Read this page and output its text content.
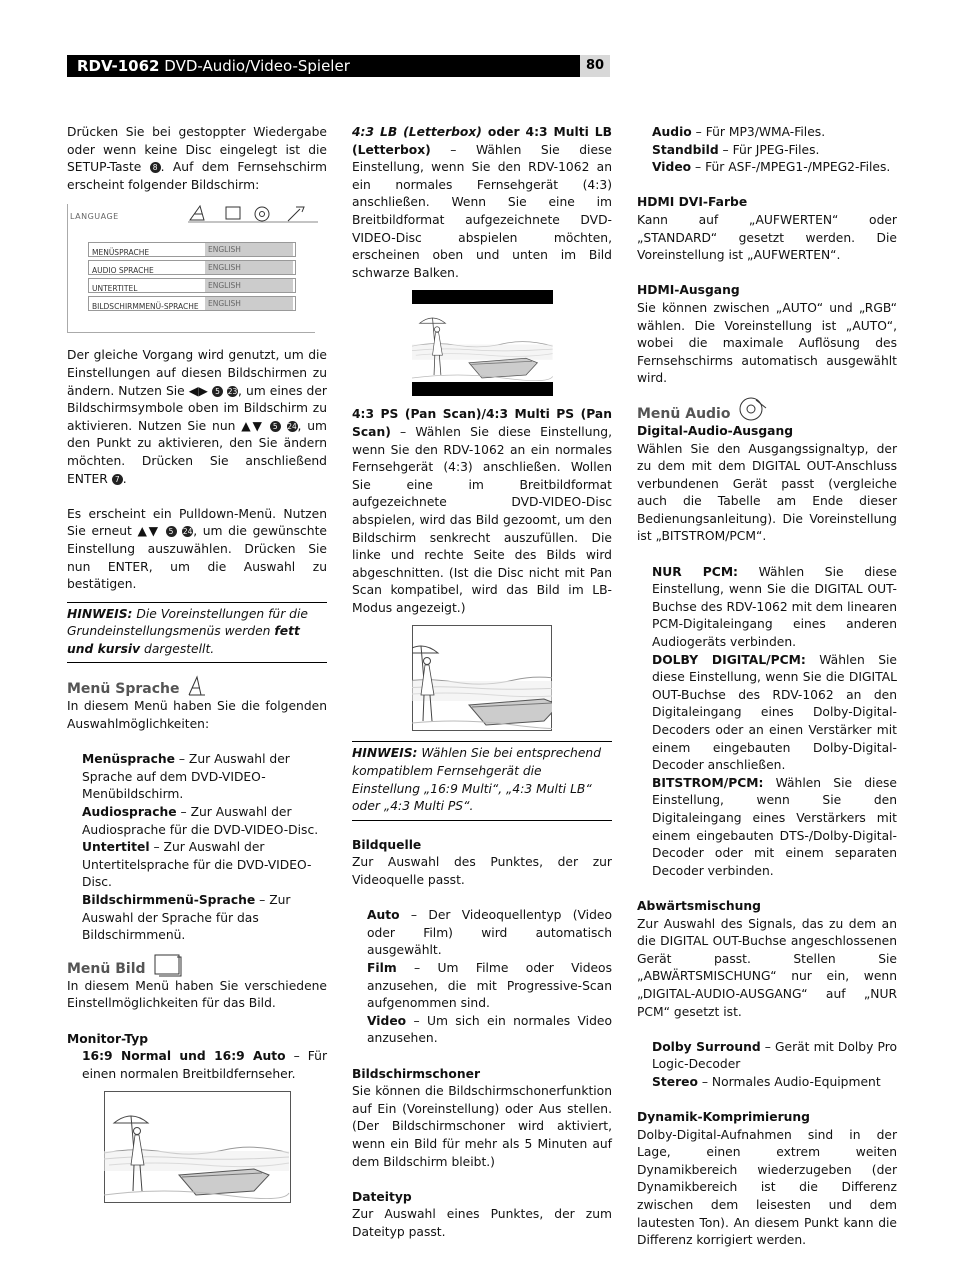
RDV-1062 DVD-Audio/Video-Spieler	80

Drücken Sie bei gestoppter Wiedergabe oder wenn keine Disc eingelegt ist die SETUP-Taste 8 . Auf dem Fernsehschirm erscheint folgender Bildschirm:

LANGUAGE
MENÜSPRACHE	ENGLISH
AUDIO SPRACHE	ENGLISH
UNTERTITEL	ENGLISH
BILDSCHIRMMENÜ-SPRACHE	ENGLISH

Der gleiche Vorgang wird genutzt, um die Einstellungen auf diesen Bildschirmen zu ändern. Nutzen Sie ◀▶ 5 23, um eines der Bildschirmsymbole oben im Bildschirm zu aktivieren. Nutzen Sie nun ▲▼ 5 24, um den Punkt zu aktivieren, den Sie ändern möchten. Drücken Sie anschließend ENTER 7 .

Es erscheint ein Pulldown-Menü. Nutzen Sie erneut ▲▼ 5 24, um die gewünschte Einstellung auszuwählen. Drücken Sie nun ENTER, um die Auswahl zu bestätigen.

HINWEIS: Die Voreinstellungen für die Grundeinstellungsmenüs werden fett und kursiv dargestellt.
Menü Sprache

In diesem Menü haben Sie die folgenden Auswahlmöglichkeiten:

Menüsprache – Zur Auswahl der Sprache auf dem DVD-VIDEO-Menübildschirm.

Audiosprache – Zur Auswahl der Audiosprache für die DVD-VIDEO-Disc.

Untertitel – Zur Auswahl der Untertitelsprache für die DVD-VIDEO-Disc.

Bildschirmmenü-Sprache – Zur Auswahl der Sprache für das Bildschirmmenü.

Menü Bild

In diesem Menü haben Sie verschiedene Einstellmöglichkeiten für das Bild.

Monitor-Typ

16:9 Normal und 16:9 Auto – Für einen normalen Breitbildfernseher.

4:3 LB (Letterbox) oder 4:3 Multi LB (Letterbox) – Wählen Sie diese Einstellung, wenn Sie den RDV-1062 an ein normales Fernsehgerät (4:3) anschließen. Wenn Sie eine im Breitbildformat aufgezeichnete DVD-VIDEO-Disc abspielen möchten, erscheinen oben und unten im Bild schwarze Balken.

4:3 PS (Pan Scan)/4:3 Multi PS (Pan Scan) – Wählen Sie diese Einstellung, wenn Sie den RDV-1062 an ein normales Fernsehgerät (4:3) anschließen. Wollen Sie eine im Breitbildformat aufgezeichnete DVD-VIDEO-Disc abspielen, wird das Bild gezoomt, um den Bildschirm senkrecht auszufüllen. Die linke und rechte Seite des Bilds wird abgeschnitten. (Ist die Disc nicht mit Pan Scan kompatibel, wird das Bild im LB-Modus angezeigt.)

HINWEIS: Wählen Sie bei entsprechend kompatiblem Fernsehgerät die Einstellung „16:9 Multi“, „4:3 Multi LB“ oder „4:3 Multi PS“.

Bildquelle

Zur Auswahl des Punktes, der zur Videoquelle passt.

Auto – Der Videoquellentyp (Video oder Film) wird automatisch ausgewählt.

Film – Um Filme oder Videos anzusehen, die mit Progressive-Scan aufgenommen sind.

Video – Um sich ein normales Video anzusehen.

Bildschirmschoner

Sie können die Bildschirmschonerfunktion auf Ein (Voreinstellung) oder Aus stellen. (Der Bildschirmschoner wird aktiviert, wenn ein Bild für mehr als 5 Minuten auf dem Bildschirm bleibt.)

Dateityp

Zur Auswahl eines Punktes, der zum Dateityp passt.

Audio – Für MP3/WMA-Files.

Standbild – Für JPEG-Files.

Video – Für ASF-/MPEG1-/MPEG2-Files.

HDMI DVI-Farbe

Kann auf „AUFWERTEN“ oder „STANDARD“ gesetzt werden. Die Voreinstellung ist „AUFWERTEN“.

HDMI-Ausgang

Sie können zwischen „AUTO“ und „RGB“ wählen. Die Voreinstellung ist „AUTO“, wobei die maximale Auflösung des Fernsehschirms automatisch ausgewählt wird.

Menü Audio

Digital-Audio-Ausgang

Wählen Sie den Ausgangssignaltyp, der zu dem mit dem DIGITAL OUT-Anschluss verbundenen Gerät passt (vergleiche auch die Tabelle am Ende dieser Bedienungsanleitung). Die Voreinstellung ist „BITSTROM/PCM“.

NUR PCM: Wählen Sie diese Einstellung, wenn Sie die DIGITAL OUT-Buchse des RDV-1062 mit dem linearen PCM-Digitaleingang eines anderen Audiogeräts verbinden.

DOLBY DIGITAL/PCM: Wählen Sie diese Einstellung, wenn Sie die DIGITAL OUT-Buchse des RDV-1062 an den Digitaleingang eines Dolby-Digital-Decoders oder an einen Verstärker mit einem eingebauten Dolby-Digital-Decoder anschließen.

BITSTROM/PCM: Wählen Sie diese Einstellung, wenn Sie den Digitaleingang eines Verstärkers mit einem eingebauten DTS-/Dolby-Digital-Decoder oder mit einem separaten Decoder verbinden.

Abwärtsmischung

Zur Auswahl des Signals, das zu dem an die DIGITAL OUT-Buchse angeschlossenen Gerät passt. Stellen Sie „ABWÄRTSMISCHUNG“ nur ein, wenn „DIGITAL-AUDIO-AUSGANG“ auf „NUR PCM“ gesetzt ist.

Dolby Surround – Gerät mit Dolby Pro Logic-Decoder

Stereo – Normales Audio-Equipment

Dynamik-Komprimierung

Dolby-Digital-Aufnahmen sind in der Lage, einen extrem weiten Dynamikbereich wiederzugeben (der Dynamikbereich ist die Differenz zwischen dem leisesten und dem lautesten Ton). An diesem Punkt kann die Differenz korrigiert werden.
